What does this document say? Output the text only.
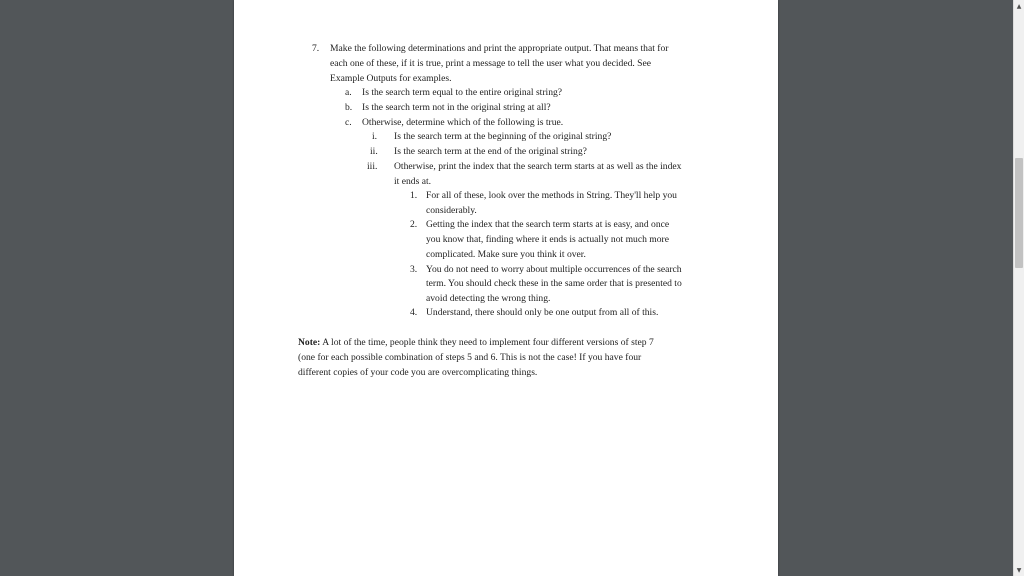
7. Make the following determinations and print the appropriate output. That means that for
each one of these, if it is true, print a message to tell the user what you decided. See
Example Outputs for examples.
a. Is the search term equal to the entire original string?
b. Is the search term not in the original string at all?
c. Otherwise, determine which of the following is true.
i. Is the search term at the beginning of the original string?
ii. Is the search term at the end of the original string?
iii. Otherwise, print the index that the search term starts at as well as the index
it ends at.
1. For all of these, look over the methods in String. They'll help you
considerably.
2. Getting the index that the search term starts at is easy, and once
you know that, finding where it ends is actually not much more
complicated. Make sure you think it over.
3. You do not need to worry about multiple occurrences of the search
term. You should check these in the same order that is presented to
avoid detecting the wrong thing.
4. Understand, there should only be one output from all of this.
Note: A lot of the time, people think they need to implement four different versions of step 7
(one for each possible combination of steps 5 and 6. This is not the case! If you have four
different copies of your code you are overcomplicating things.
▲
▼
